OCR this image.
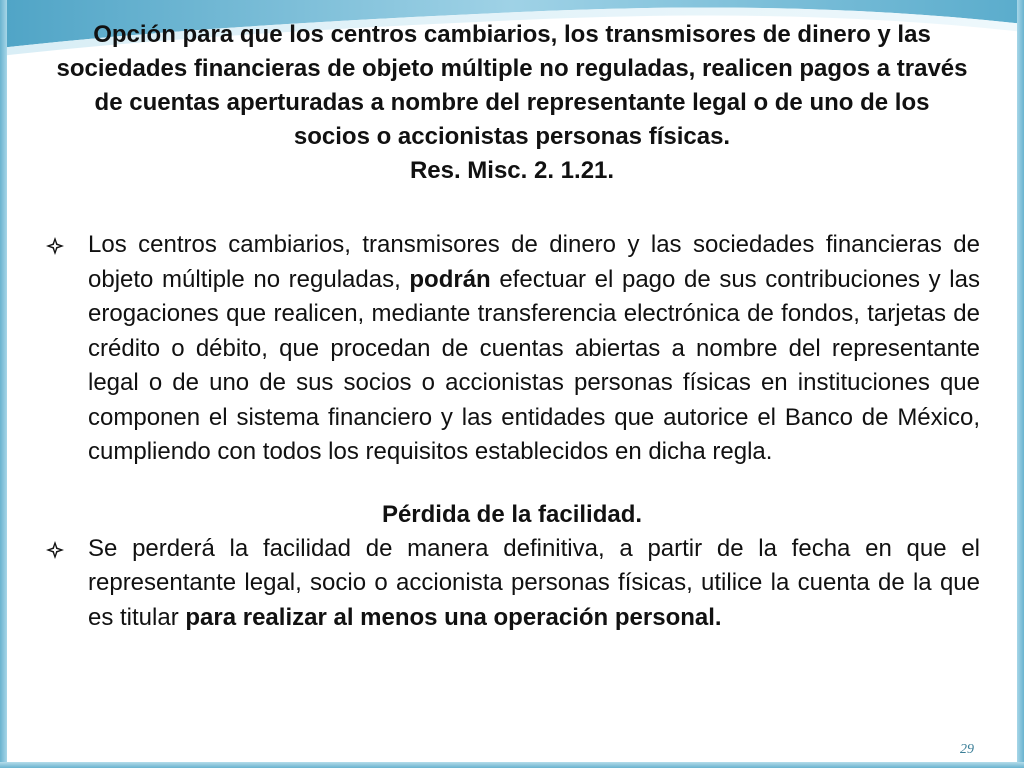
Opción para que los centros cambiarios, los transmisores de dinero y las sociedades financieras de objeto múltiple no reguladas, realicen pagos a través de cuentas aperturadas a nombre del representante legal o de uno de los socios o accionistas personas físicas.

Res. Misc. 2. 1.21.

Los centros cambiarios, transmisores de dinero y las sociedades financieras de objeto múltiple no reguladas, podrán efectuar el pago de sus contribuciones y las erogaciones que realicen, mediante transferencia electrónica de fondos, tarjetas de crédito o débito, que procedan de cuentas abiertas a nombre del representante legal o de uno de sus socios o accionistas personas físicas en instituciones que componen el sistema financiero y las entidades que autorice el Banco de México, cumpliendo con todos los requisitos establecidos en dicha regla.

Pérdida de la facilidad.

Se perderá la facilidad de manera definitiva, a partir de la fecha en que el representante legal, socio o accionista personas físicas, utilice la cuenta de la que es titular para realizar al menos una operación personal.

29
